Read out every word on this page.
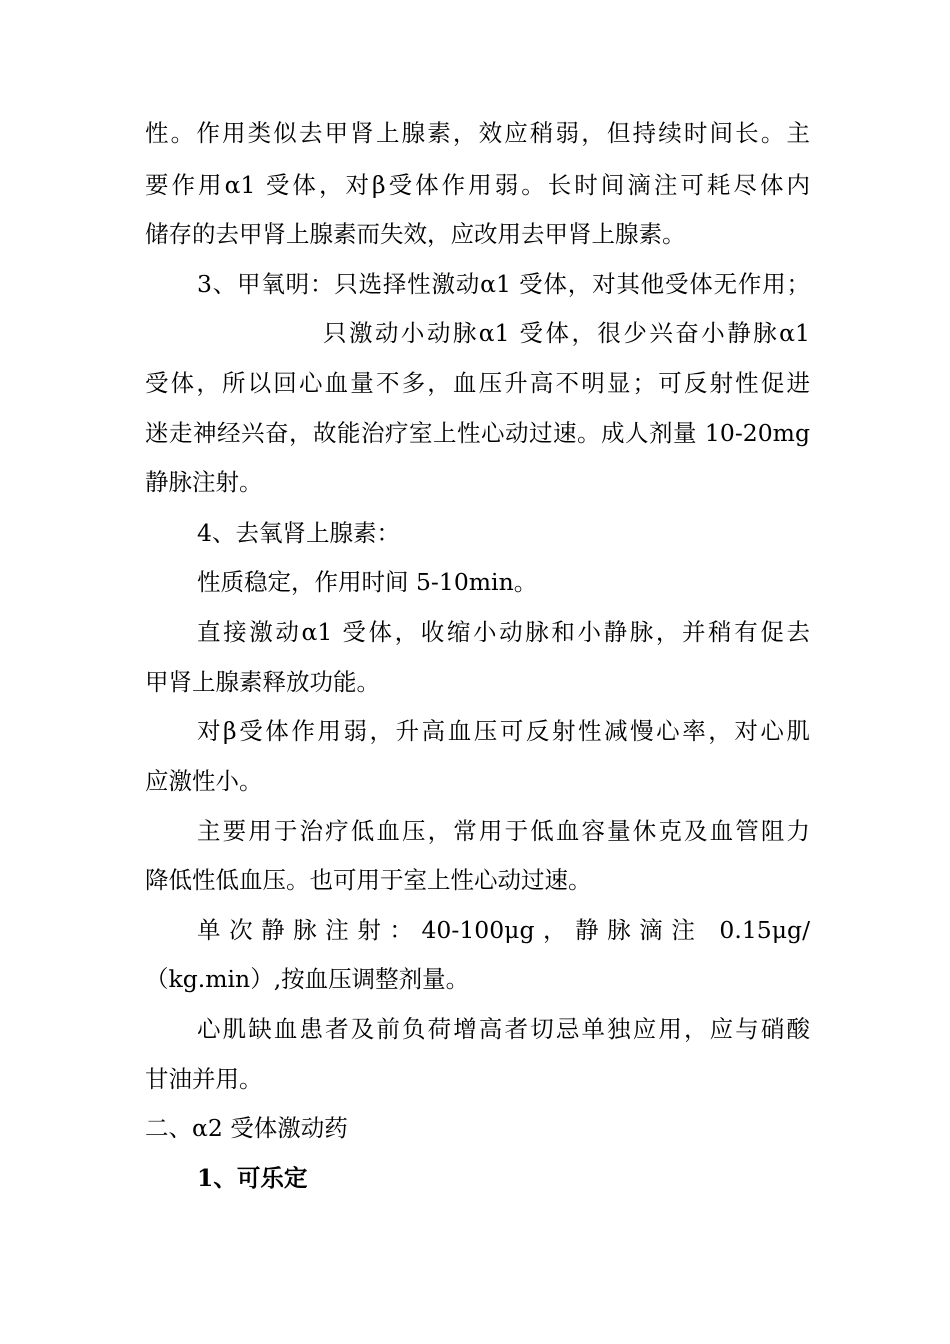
性。作用类似去甲肾上腺素，效应稍弱，但持续时间长。主
要作用α1 受体，对β受体作用弱。长时间滴注可耗尽体内
储存的去甲肾上腺素而失效，应改用去甲肾上腺素。
3、甲氧明：只选择性激动α1 受体，对其他受体无作用；
只激动小动脉α1 受体，很少兴奋小静脉α1
受体，所以回心血量不多，血压升高不明显；可反射性促进
迷走神经兴奋，故能治疗室上性心动过速。成人剂量 10-20mg
静脉注射。
4、去氧肾上腺素：
性质稳定，作用时间 5-10min。
直接激动α1 受体，收缩小动脉和小静脉，并稍有促去
甲肾上腺素释放功能。
对β受体作用弱，升高血压可反射性减慢心率，对心肌
应激性小。
主要用于治疗低血压，常用于低血容量休克及血管阻力
降低性低血压。也可用于室上性心动过速。
单次静脉注射：40-100μg，静脉滴注 0.15μg/
（kg.min）,按血压调整剂量。
心肌缺血患者及前负荷增高者切忌单独应用，应与硝酸
甘油并用。
二、α2 受体激动药
1、可乐定
